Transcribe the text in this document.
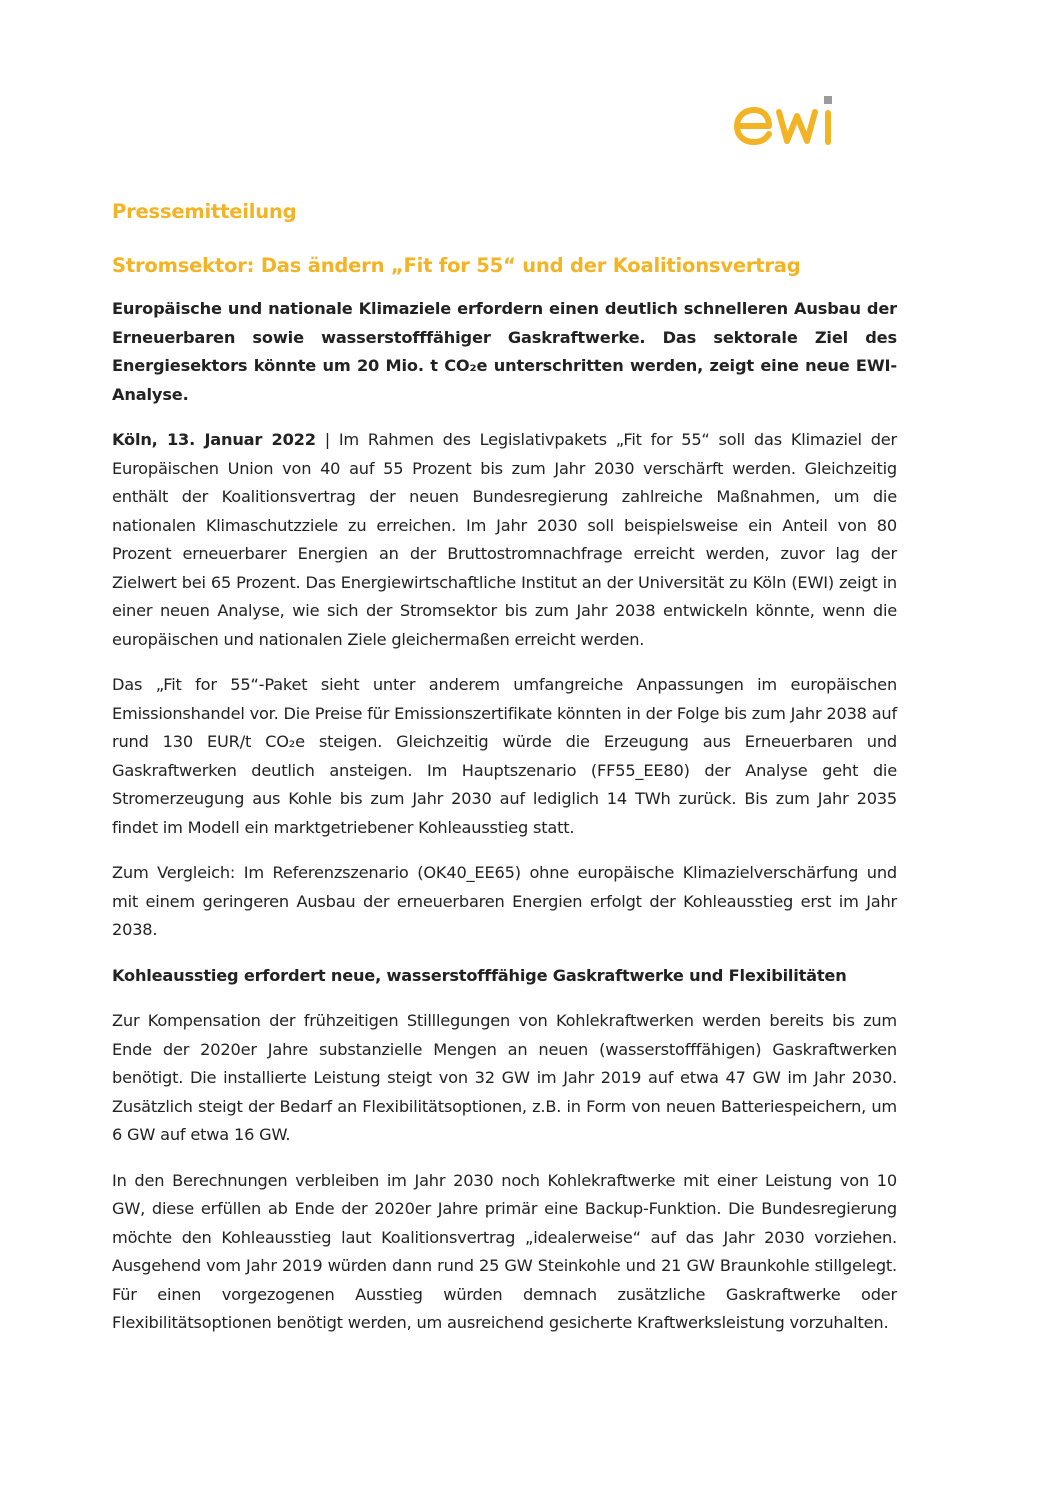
Pressemitteilung
Stromsektor: Das ändern „Fit for 55“ und der Koalitionsvertrag

Europäische und nationale Klimaziele erfordern einen deutlich schnelleren Ausbau der Erneuerbaren sowie wasserstofffähiger Gaskraftwerke. Das sektorale Ziel des Energiesektors könnte um 20 Mio. t CO₂e unterschritten werden, zeigt eine neue EWI-Analyse.

Köln, 13. Januar 2022 | Im Rahmen des Legislativpakets „Fit for 55“ soll das Klimaziel der Europäischen Union von 40 auf 55 Prozent bis zum Jahr 2030 verschärft werden. Gleichzeitig enthält der Koalitionsvertrag der neuen Bundesregierung zahlreiche Maßnahmen, um die nationalen Klimaschutzziele zu erreichen. Im Jahr 2030 soll beispielsweise ein Anteil von 80 Prozent erneuerbarer Energien an der Bruttostromnachfrage erreicht werden, zuvor lag der Zielwert bei 65 Prozent. Das Energiewirtschaftliche Institut an der Universität zu Köln (EWI) zeigt in einer neuen Analyse, wie sich der Stromsektor bis zum Jahr 2038 entwickeln könnte, wenn die europäischen und nationalen Ziele gleichermaßen erreicht werden.

Das „Fit for 55“-Paket sieht unter anderem umfangreiche Anpassungen im europäischen Emissionshandel vor. Die Preise für Emissionszertifikate könnten in der Folge bis zum Jahr 2038 auf rund 130 EUR/t CO₂e steigen. Gleichzeitig würde die Erzeugung aus Erneuerbaren und Gaskraftwerken deutlich ansteigen. Im Hauptszenario (FF55_EE80) der Analyse geht die Stromerzeugung aus Kohle bis zum Jahr 2030 auf lediglich 14 TWh zurück. Bis zum Jahr 2035 findet im Modell ein marktgetriebener Kohleausstieg statt.

Zum Vergleich: Im Referenzszenario (OK40_EE65) ohne europäische Klimazielverschärfung und mit einem geringeren Ausbau der erneuerbaren Energien erfolgt der Kohleausstieg erst im Jahr 2038.

Kohleausstieg erfordert neue, wasserstofffähige Gaskraftwerke und Flexibilitäten

Zur Kompensation der frühzeitigen Stilllegungen von Kohlekraftwerken werden bereits bis zum Ende der 2020er Jahre substanzielle Mengen an neuen (wasserstofffähigen) Gaskraftwerken benötigt. Die installierte Leistung steigt von 32 GW im Jahr 2019 auf etwa 47 GW im Jahr 2030. Zusätzlich steigt der Bedarf an Flexibilitätsoptionen, z.B. in Form von neuen Batteriespeichern, um 6 GW auf etwa 16 GW.

In den Berechnungen verbleiben im Jahr 2030 noch Kohlekraftwerke mit einer Leistung von 10 GW, diese erfüllen ab Ende der 2020er Jahre primär eine Backup-Funktion. Die Bundesregierung möchte den Kohleausstieg laut Koalitionsvertrag „idealerweise“ auf das Jahr 2030 vorziehen. Ausgehend vom Jahr 2019 würden dann rund 25 GW Steinkohle und 21 GW Braunkohle stillgelegt. Für einen vorgezogenen Ausstieg würden demnach zusätzliche Gaskraftwerke oder Flexibilitätsoptionen benötigt werden, um ausreichend gesicherte Kraftwerksleistung vorzuhalten.
